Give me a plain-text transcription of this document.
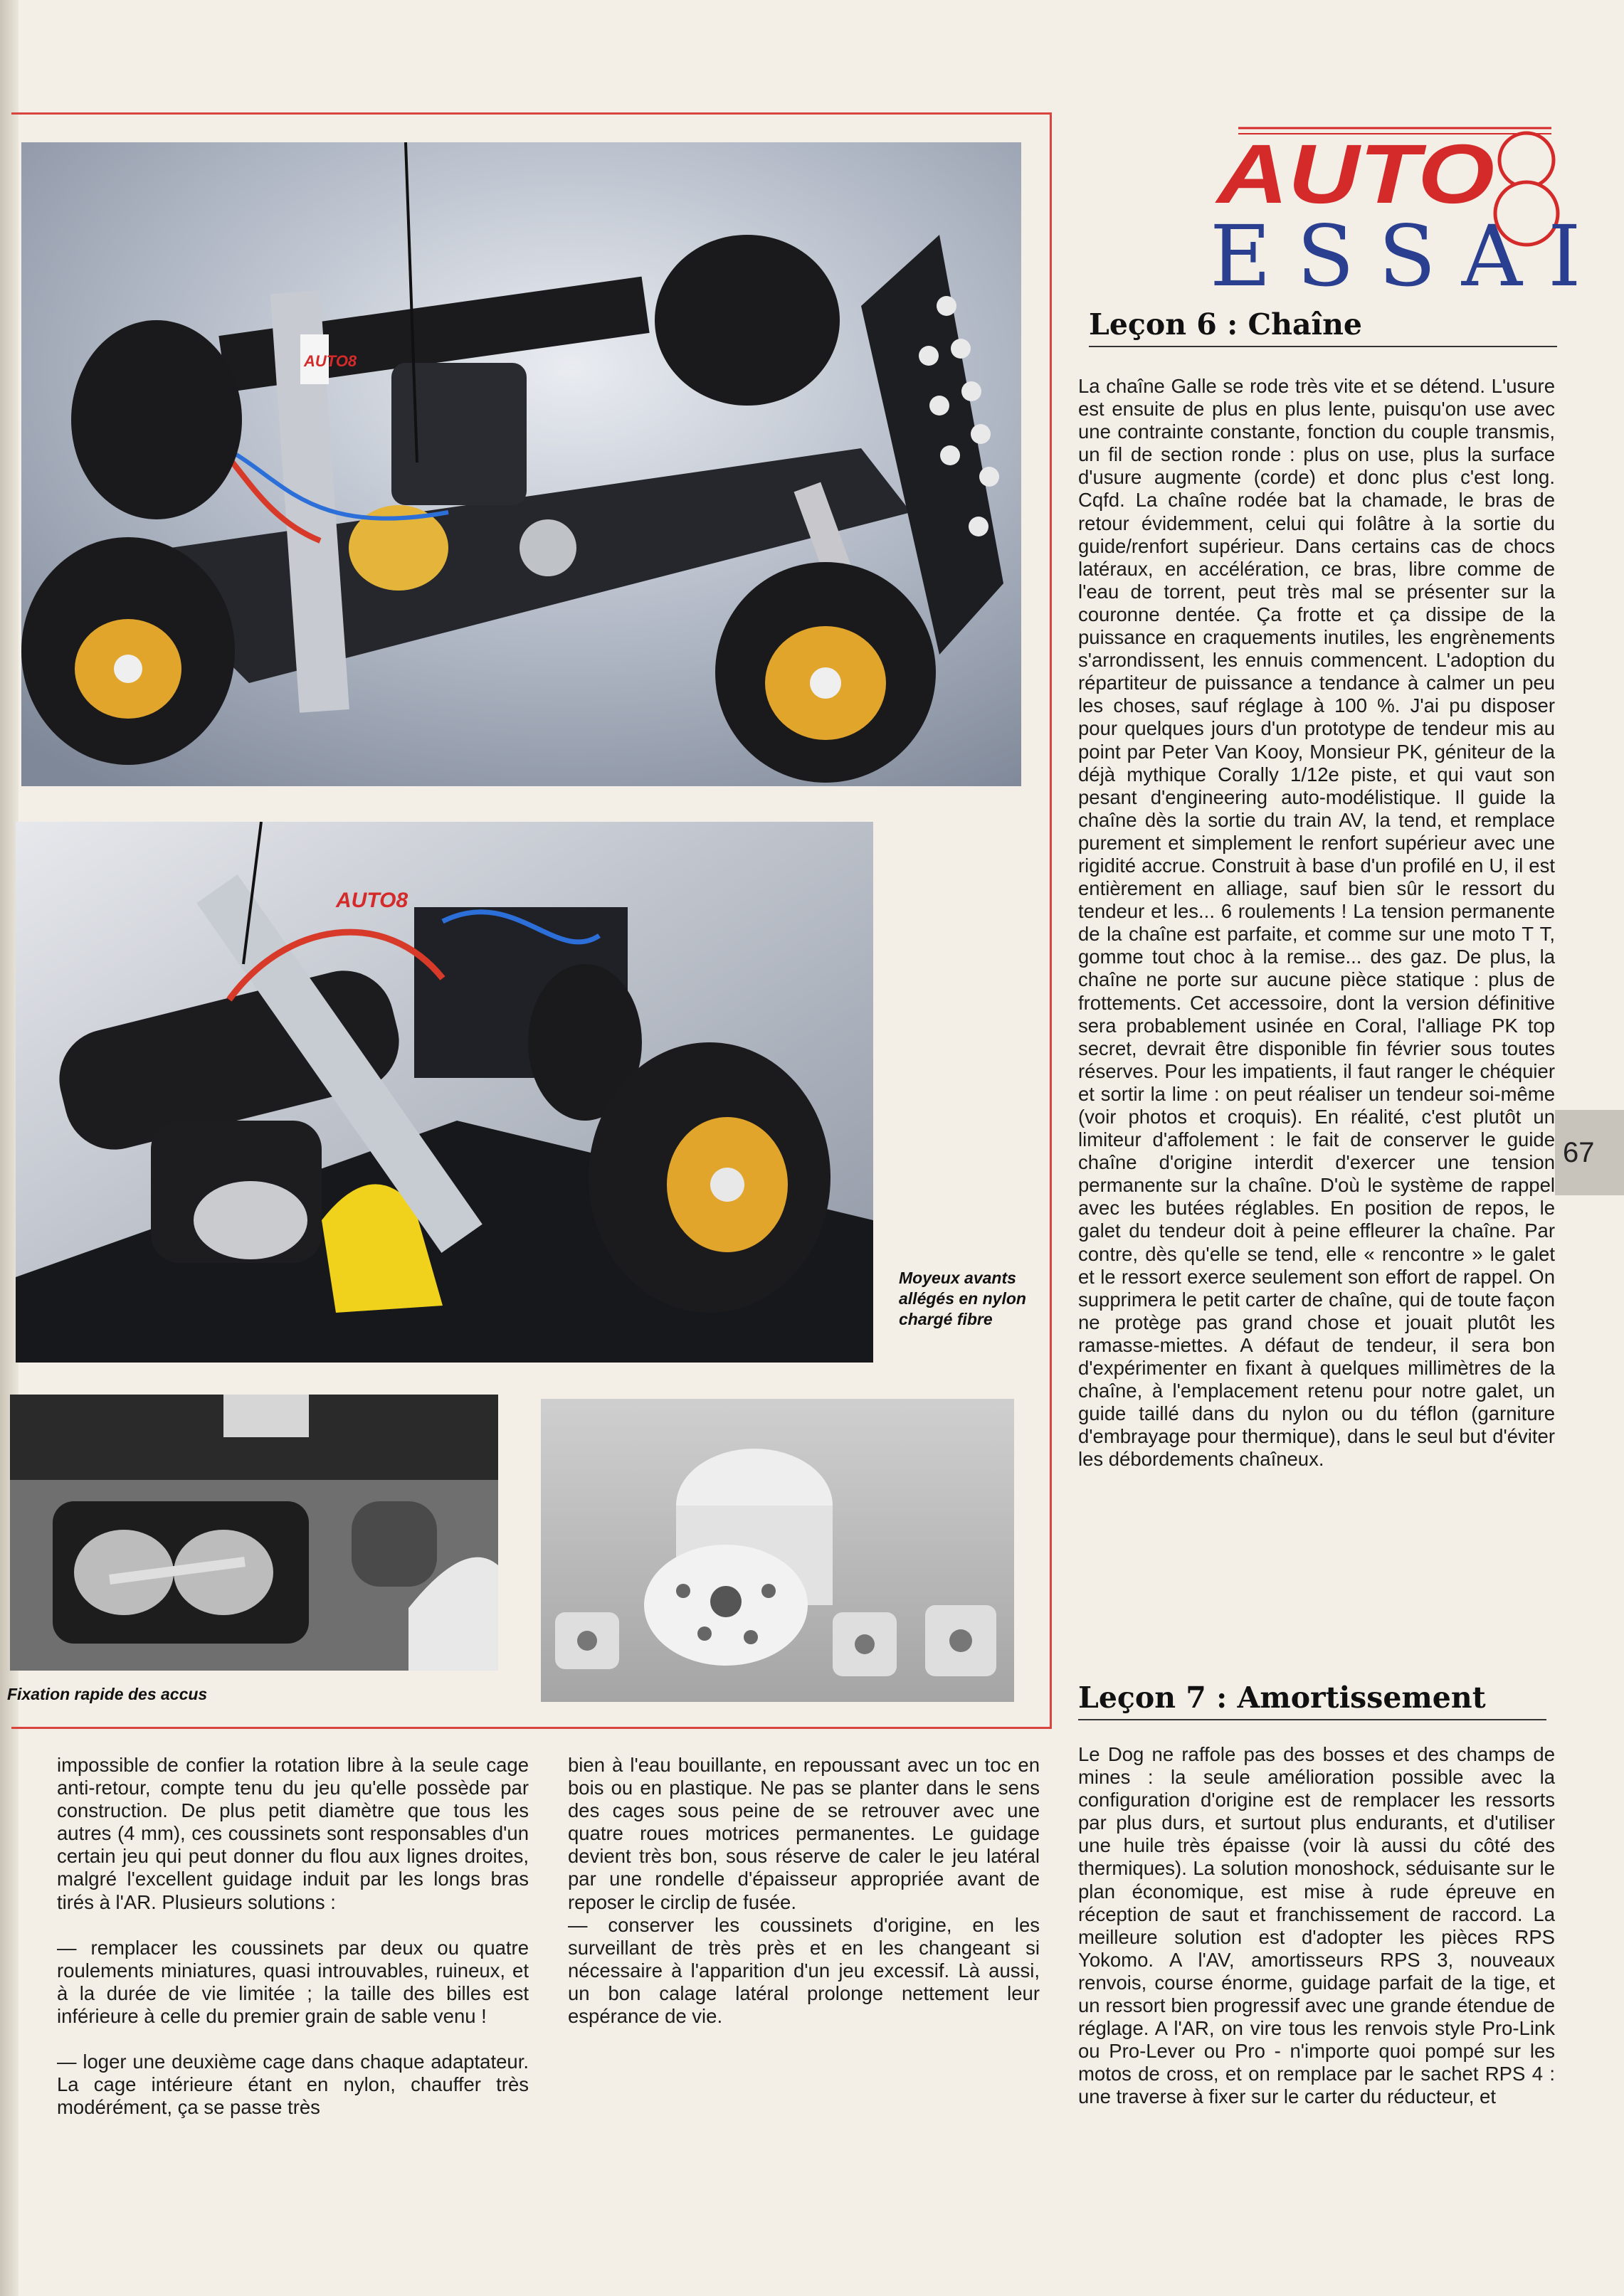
AUTO8
AUTO8
Moyeux avants allégés en nylon chargé fibre
Fixation rapide des accus
AUTO
ESSAI
Leçon 6 : Chaîne

La chaîne Galle se rode très vite et se détend. L'usure est ensuite de plus en plus lente, puisqu'on use avec une contrainte constante, fonction du couple transmis, un fil de section ronde : plus on use, plus la surface d'usure augmente (corde) et donc plus c'est long. Cqfd. La chaîne rodée bat la chamade, le bras de retour évidemment, celui qui folâtre à la sortie du guide/renfort supérieur. Dans certains cas de chocs latéraux, en accélération, ce bras, libre comme de l'eau de torrent, peut très mal se présenter sur la couronne dentée. Ça frotte et ça dissipe de la puissance en craquements inutiles, les engrènements s'arrondissent, les ennuis commencent. L'adoption du répartiteur de puissance a tendance à calmer un peu les choses, sauf réglage à 100 %. J'ai pu disposer pour quelques jours d'un prototype de tendeur mis au point par Peter Van Kooy, Monsieur PK, géniteur de la déjà mythique Corally 1/12e piste, et qui vaut son pesant d'engineering auto-modélistique. Il guide la chaîne dès la sortie du train AV, la tend, et remplace purement et simplement le renfort supérieur avec une rigidité accrue. Construit à base d'un profilé en U, il est entièrement en alliage, sauf bien sûr le ressort du tendeur et les... 6 roulements ! La tension permanente de la chaîne est parfaite, et comme sur une moto T T, gomme tout choc à la remise... des gaz. De plus, la chaîne ne porte sur aucune pièce statique : plus de frottements. Cet accessoire, dont la version définitive sera probablement usinée en Coral, l'alliage PK top secret, devrait être disponible fin février sous toutes réserves. Pour les impatients, il faut ranger le chéquier et sortir la lime : on peut réaliser un tendeur soi-même (voir photos et croquis). En réalité, c'est plutôt un limiteur d'affolement : le fait de conserver le guide chaîne d'origine interdit d'exercer une tension permanente sur la chaîne. D'où le système de rappel avec les butées réglables. En position de repos, le galet du tendeur doit à peine effleurer la chaîne. Par contre, dès qu'elle se tend, elle « rencontre » le galet et le ressort exerce seulement son effort de rappel. On supprimera le petit carter de chaîne, qui de toute façon ne protège pas grand chose et jouait plutôt les ramasse-miettes. A défaut de tendeur, il sera bon d'expérimenter en fixant à quelques millimètres de la chaîne, à l'emplacement retenu pour notre galet, un guide taillé dans du nylon ou du téflon (garniture d'embrayage pour thermique), dans le seul but d'éviter les débordements chaîneux.

67
Leçon 7 : Amortissement

Le Dog ne raffole pas des bosses et des champs de mines : la seule amélioration possible avec la configuration d'origine est de remplacer les ressorts par plus durs, et surtout plus endurants, et d'utiliser une huile très épaisse (voir là aussi du côté des thermiques). La solution monoshock, séduisante sur le plan économique, est mise à rude épreuve en réception de saut et franchissement de raccord. La meilleure solution est d'adopter les pièces RPS Yokomo. A l'AV, amortisseurs RPS 3, nouveaux renvois, course énorme, guidage parfait de la tige, et un ressort bien progressif avec une grande étendue de réglage. A l'AR, on vire tous les renvois style Pro-Link ou Pro-Lever ou Pro - n'importe quoi pompé sur les motos de cross, et on remplace par le sachet RPS 4 : une traverse à fixer sur le carter du réducteur, et

impossible de confier la rotation libre à la seule cage anti-retour, compte tenu du jeu qu'elle possède par construction. De plus petit diamètre que tous les autres (4 mm), ces coussinets sont responsables d'un certain jeu qui peut donner du flou aux lignes droites, malgré l'excellent guidage induit par les longs bras tirés à l'AR. Plusieurs solutions :

— remplacer les coussinets par deux ou quatre roulements miniatures, quasi introuvables, ruineux, et à la durée de vie limitée ; la taille des billes est inférieure à celle du premier grain de sable venu !

— loger une deuxième cage dans chaque adaptateur. La cage intérieure étant en nylon, chauffer très modérément, ça se passe très

bien à l'eau bouillante, en repoussant avec un toc en bois ou en plastique. Ne pas se planter dans le sens des cages sous peine de se retrouver avec une quatre roues motrices permanentes. Le guidage devient très bon, sous réserve de caler le jeu latéral par une rondelle d'épaisseur appropriée avant de reposer le circlip de fusée.

— conserver les coussinets d'origine, en les surveillant de très près et en les changeant si nécessaire à l'apparition d'un jeu excessif. Là aussi, un bon calage latéral prolonge nettement leur espérance de vie.
